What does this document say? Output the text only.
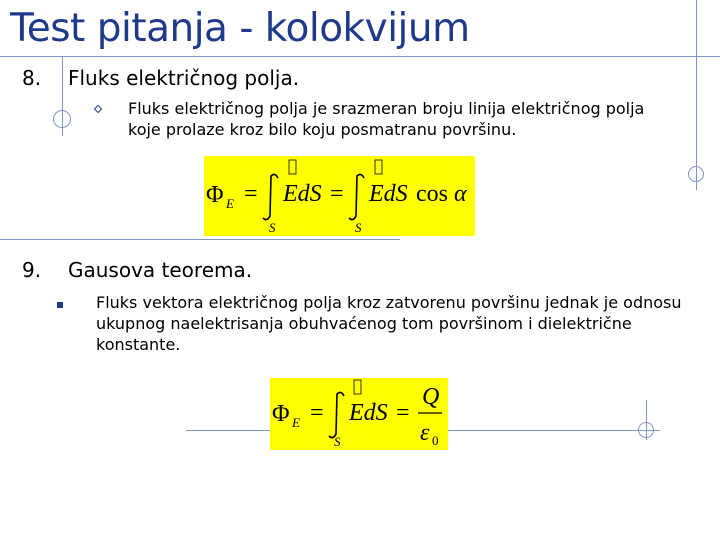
Test pitanja - kolokvijum
8. Fluks električnog polja.
Fluks električnog polja je srazmeran broju linija električnog polja koje prolaze kroz bilo koju posmatranu površinu.
Φ E =
S
EdS =
S
EdS cos α
9. Gausova teorema.
Fluks vektora električnog polja kroz zatvorenu površinu jednak je odnosu ukupnog naelektrisanja obuhvaćenog tom površinom i dielektrične konstante.
Φ E =
S
EdS =
Q
ε 0
